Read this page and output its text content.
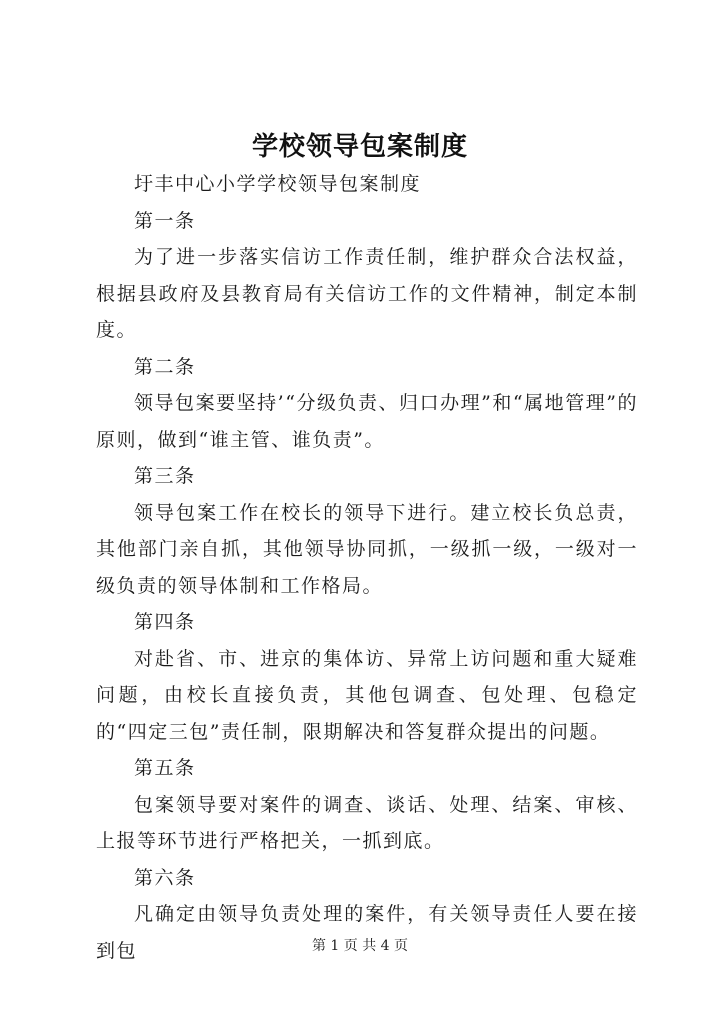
学校领导包案制度

圩丰中心小学学校领导包案制度

第一条

为了进一步落实信访工作责任制，维护群众合法权益，根据县政府及县教育局有关信访工作的文件精神，制定本制度。

第二条

领导包案要坚持’“分级负责、归口办理”和“属地管理”的原则，做到“谁主管、谁负责”。

第三条

领导包案工作在校长的领导下进行。建立校长负总责，其他部门亲自抓，其他领导协同抓，一级抓一级，一级对一级负责的领导体制和工作格局。

第四条

对赴省、市、进京的集体访、异常上访问题和重大疑难问题，由校长直接负责，其他包调查、包处理、包稳定的“四定三包”责任制，限期解决和答复群众提出的问题。

第五条

包案领导要对案件的调查、谈话、处理、结案、审核、上报等环节进行严格把关，一抓到底。

第六条

凡确定由领导负责处理的案件，有关领导责任人要在接到包	第 1 页 共 4 页
